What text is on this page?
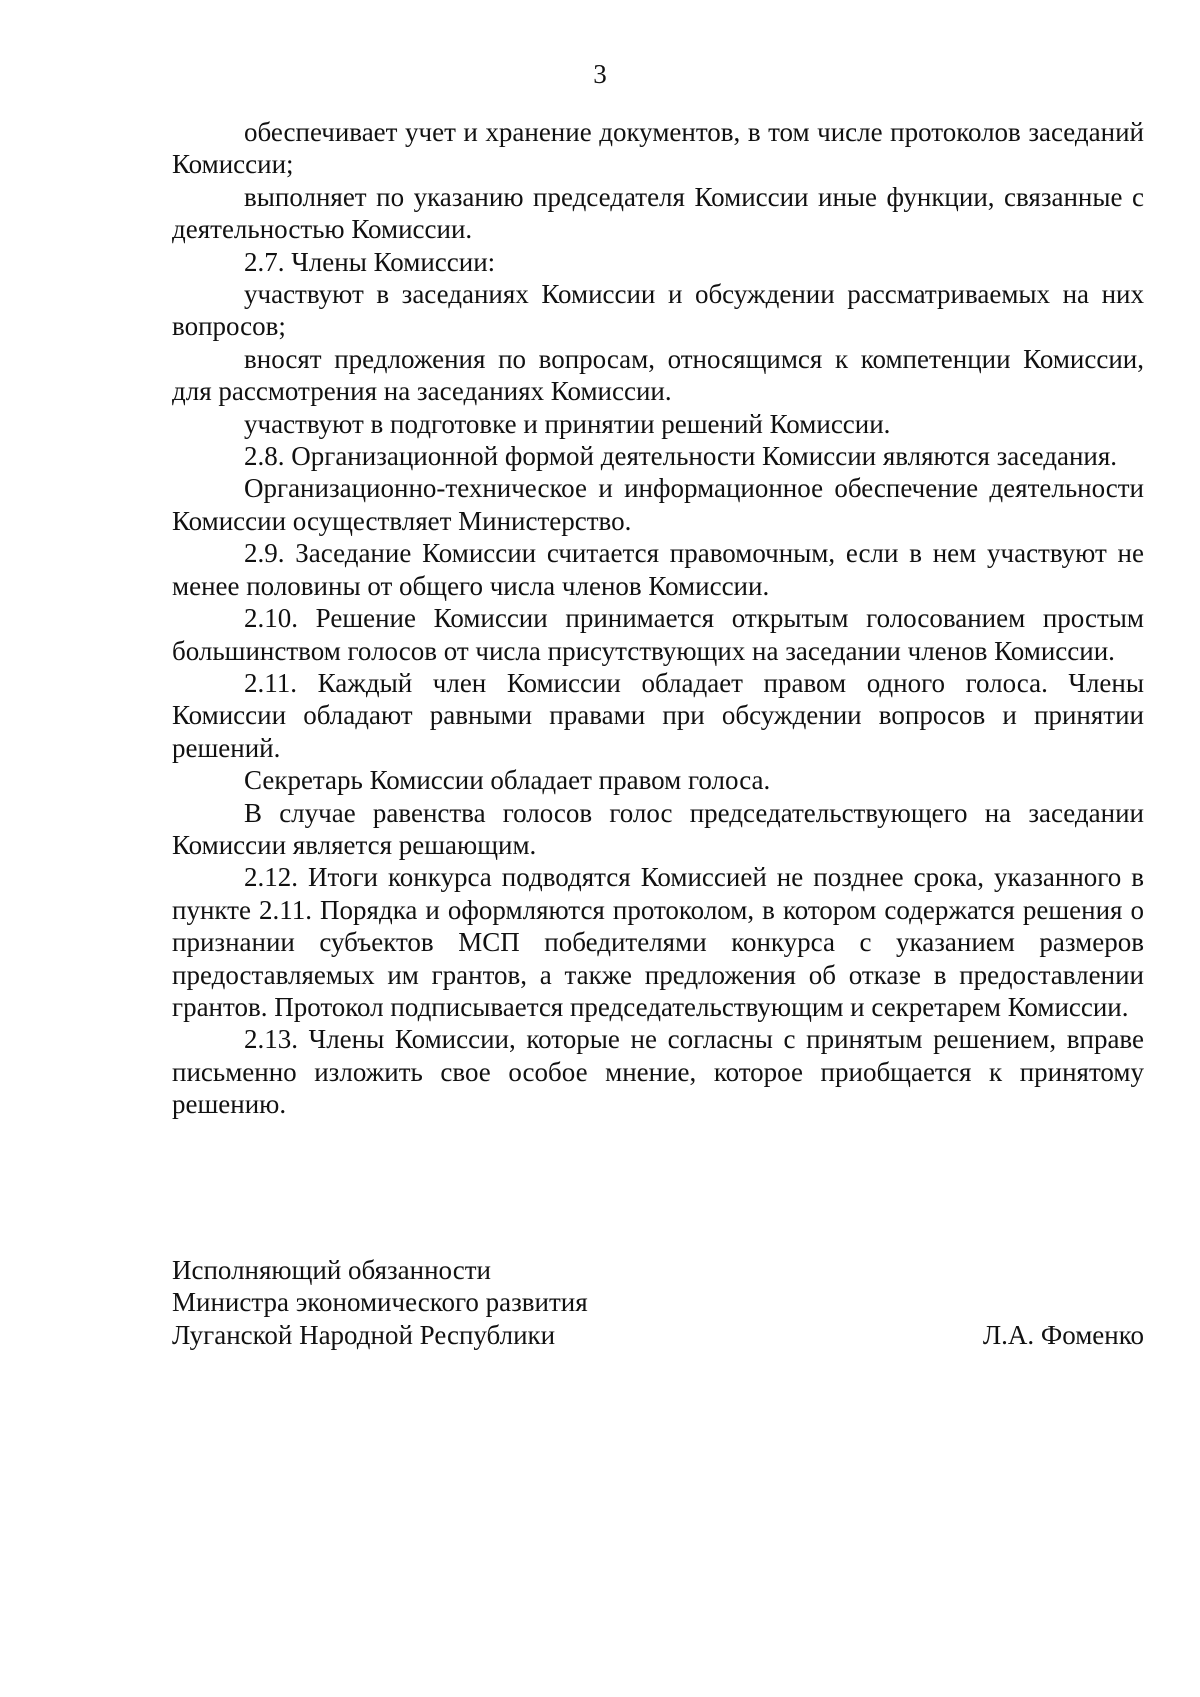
3

обеспечивает учет и хранение документов, в том числе протоколов заседаний Комиссии;

выполняет по указанию председателя Комиссии иные функции, связанные с деятельностью Комиссии.

2.7. Члены Комиссии:

участвуют в заседаниях Комиссии и обсуждении рассматриваемых на них вопросов;

вносят предложения по вопросам, относящимся к компетенции Комиссии, для рассмотрения на заседаниях Комиссии.

участвуют в подготовке и принятии решений Комиссии.

2.8. Организационной формой деятельности Комиссии являются заседания.

Организационно-техническое и информационное обеспечение деятельности Комиссии осуществляет Министерство.

2.9. Заседание Комиссии считается правомочным, если в нем участвуют не менее половины от общего числа членов Комиссии.

2.10. Решение Комиссии принимается открытым голосованием простым большинством голосов от числа присутствующих на заседании членов Комиссии.

2.11. Каждый член Комиссии обладает правом одного голоса. Члены Комиссии обладают равными правами при обсуждении вопросов и принятии решений.

Секретарь Комиссии обладает правом голоса.

В случае равенства голосов голос председательствующего на заседании Комиссии является решающим.

2.12. Итоги конкурса подводятся Комиссией не позднее срока, указанного в пункте 2.11. Порядка и оформляются протоколом, в котором содержатся решения о признании субъектов МСП победителями конкурса с указанием размеров предоставляемых им грантов, а также предложения об отказе в предоставлении грантов. Протокол подписывается председательствующим и секретарем Комиссии.

2.13. Члены Комиссии, которые не согласны с принятым решением, вправе письменно изложить свое особое мнение, которое приобщается к принятому решению.

Исполняющий обязанности
Министра экономического развития
Луганской Народной Республики	Л.А. Фоменко
